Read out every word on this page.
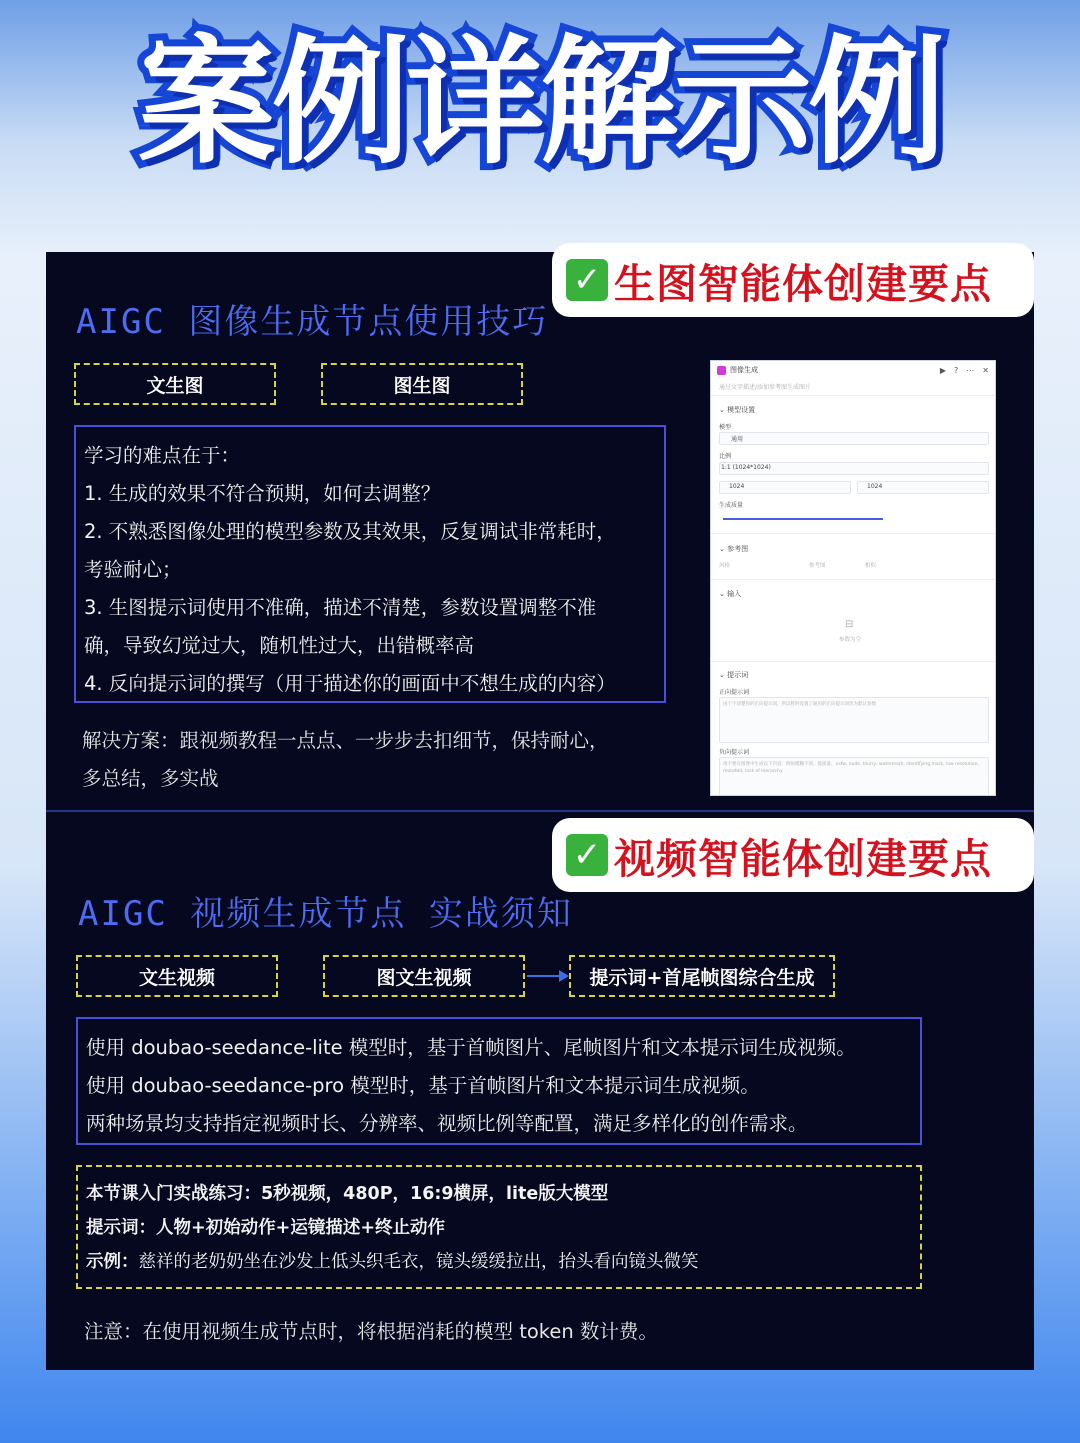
案例详解示例
AIGC 图像生成节点使用技巧
✓ 生图智能体创建要点
文生图	图生图
学习的难点在于：
1. 生成的效果不符合预期，如何去调整？
2. 不熟悉图像处理的模型参数及其效果，反复调试非常耗时，
考验耐心；
3. 生图提示词使用不准确，描述不清楚，参数设置调整不准
确，导致幻觉过大，随机性过大，出错概率高
4. 反向提示词的撰写（用于描述你的画面中不想生成的内容）
解决方案：跟视频教程一点点、一步步去扣细节，保持耐心，
多总结，多实战
图像生成	▶ ? ⋯ ✕
通过文字描述/添加参考图生成图片
⌄ 模型设置
模型
通用
比例
1:1 (1024*1024)
1024	1024
生成质量
⌄ 参考图
风格	参考图	相似
⌄ 输入
⊟
参数为空
⌄ 提示词
正向提示词
由于不清楚你的正向提示词，所以暂时设置了通用的正向提示词作为默认参数
负向提示词
请不要在图像中生成以下内容：例如模糊不清、低质量、nsfw, nude, blurry, watermark, identifying mark, low resolution, mutated, lack of hierarchy
✓ 视频智能体创建要点
AIGC 视频生成节点 实战须知
文生视频	图文生视频	提示词+首尾帧图综合生成
使用 doubao-seedance-lite 模型时，基于首帧图片、尾帧图片和文本提示词生成视频。
使用 doubao-seedance-pro 模型时，基于首帧图片和文本提示词生成视频。
两种场景均支持指定视频时长、分辨率、视频比例等配置，满足多样化的创作需求。
本节课入门实战练习：5秒视频，480P，16:9横屏，lite版大模型
提示词：人物+初始动作+运镜描述+终止动作
示例：慈祥的老奶奶坐在沙发上低头织毛衣，镜头缓缓拉出，抬头看向镜头微笑
注意：在使用视频生成节点时，将根据消耗的模型 token 数计费。
